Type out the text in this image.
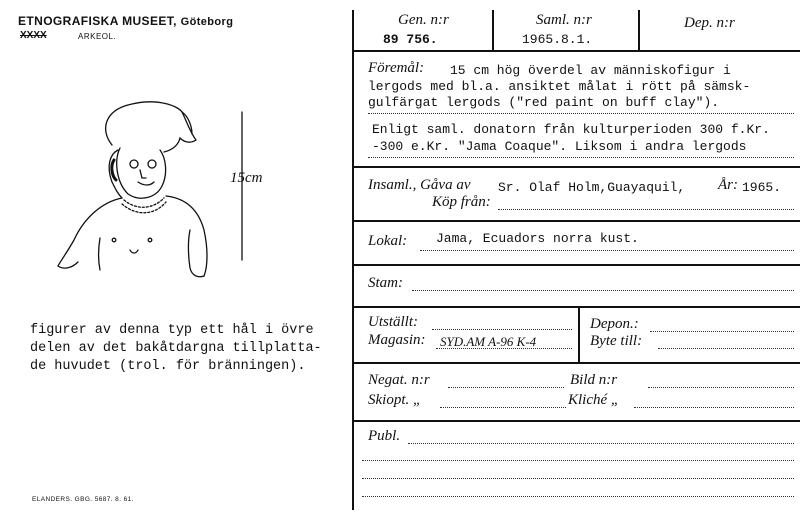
ETNOGRAFISKA MUSEET, Göteborg
XXXX	ARKEOL.
15cm
figurer av denna typ ett hål i övre
delen av det bakåtdargna tillplatta-
de huvudet (trol. för bränningen).
ELANDERS. GBG. 5687. 8. 61.
Gen. n:r
89 756.
Saml. n:r
1965.8.1.
Dep. n:r
Föremål: 15 cm hög överdel av människofigur i
lergods med bl.a. ansiktet målat i rött på sämsk-
gulfärgat lergods ("red paint on buff clay").
Enligt saml. donatorn från kulturperioden 300 f.Kr.
-300 e.Kr. "Jama Coaque". Liksom i andra lergods
Insaml., Gåva av Sr. Olaf Holm,Guayaquil, År: 1965.
Köp från:
Lokal: Jama, Ecuadors norra kust.
Stam:
Utställt:
Magasin: SYD.AM A-96 K-4
Depon.:
Byte till:
Negat. n:r	Bild n:r
Skiopt. „	Kliché „
Publ.
